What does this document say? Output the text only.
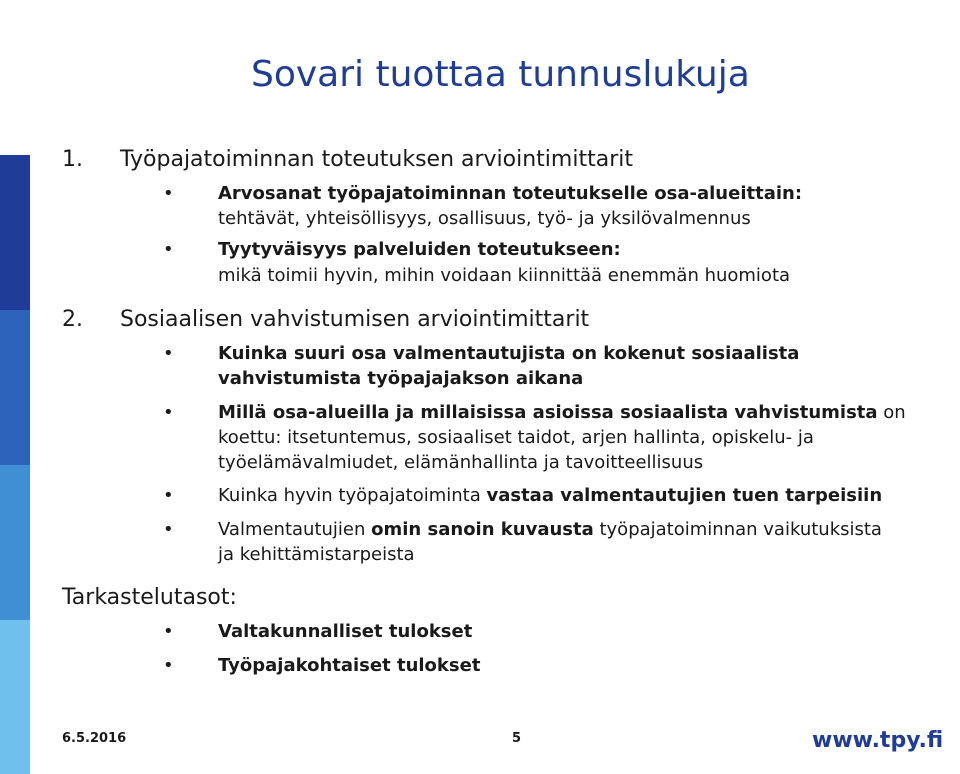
Sovari tuottaa tunnuslukuja
1. Työpajatoiminnan toteutuksen arviointimittarit
• Arvosanat työpajatoiminnan toteutukselle osa-alueittain:
tehtävät, yhteisöllisyys, osallisuus, työ- ja yksilövalmennus
• Tyytyväisyys palveluiden toteutukseen:
mikä toimii hyvin, mihin voidaan kiinnittää enemmän huomiota
2. Sosiaalisen vahvistumisen arviointimittarit
• Kuinka suuri osa valmentautujista on kokenut sosiaalista
vahvistumista työpajajakson aikana
• Millä osa-alueilla ja millaisissa asioissa sosiaalista vahvistumista on
koettu: itsetuntemus, sosiaaliset taidot, arjen hallinta, opiskelu- ja
työelämävalmiudet, elämänhallinta ja tavoitteellisuus
• Kuinka hyvin työpajatoiminta vastaa valmentautujien tuen tarpeisiin
• Valmentautujien omin sanoin kuvausta työpajatoiminnan vaikutuksista
ja kehittämistarpeista
Tarkastelutasot:
• Valtakunnalliset tulokset
• Työpajakohtaiset tulokset
6.5.2016	5	www.tpy.fi
